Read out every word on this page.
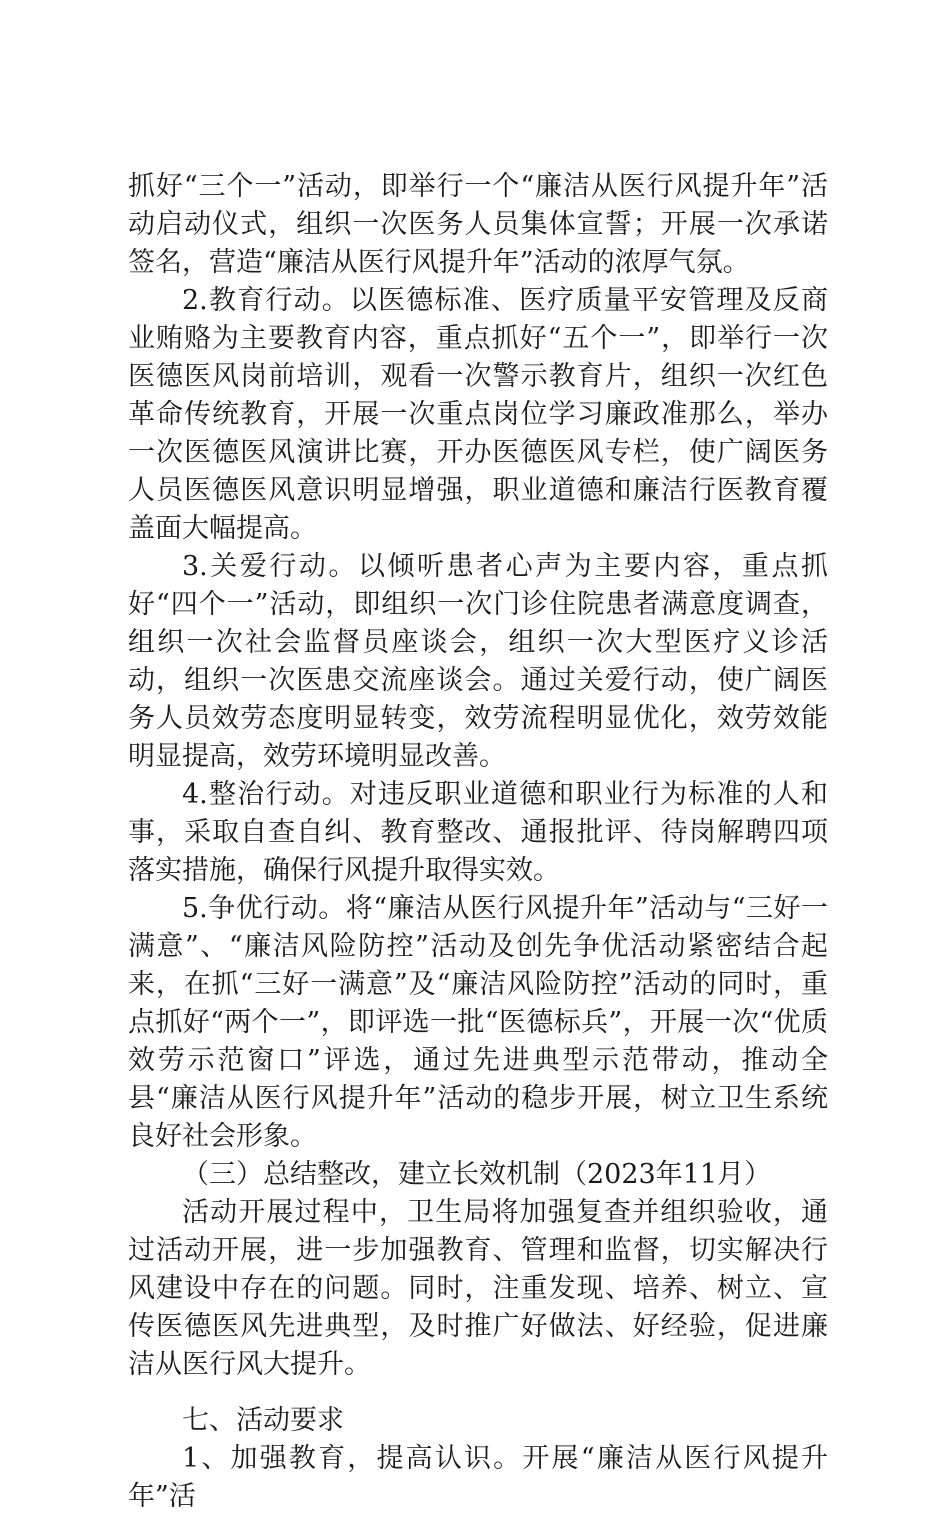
抓好“三个一”活动，即举行一个“廉洁从医行风提升年”活动启动仪式，组织一次医务人员集体宣誓；开展一次承诺签名，营造“廉洁从医行风提升年”活动的浓厚气氛。

2.教育行动。以医德标准、医疗质量平安管理及反商业贿赂为主要教育内容，重点抓好“五个一”，即举行一次医德医风岗前培训，观看一次警示教育片，组织一次红色革命传统教育，开展一次重点岗位学习廉政准那么，举办一次医德医风演讲比赛，开办医德医风专栏，使广阔医务人员医德医风意识明显增强，职业道德和廉洁行医教育覆盖面大幅提高。

3.关爱行动。以倾听患者心声为主要内容，重点抓好“四个一”活动，即组织一次门诊住院患者满意度调查，组织一次社会监督员座谈会，组织一次大型医疗义诊活动，组织一次医患交流座谈会。通过关爱行动，使广阔医务人员效劳态度明显转变，效劳流程明显优化，效劳效能明显提高，效劳环境明显改善。

4.整治行动。对违反职业道德和职业行为标准的人和事，采取自查自纠、教育整改、通报批评、待岗解聘四项落实措施，确保行风提升取得实效。

5.争优行动。将“廉洁从医行风提升年”活动与“三好一满意”、“廉洁风险防控”活动及创先争优活动紧密结合起来，在抓“三好一满意”及“廉洁风险防控”活动的同时，重点抓好“两个一”，即评选一批“医德标兵”，开展一次“优质效劳示范窗口”评选，通过先进典型示范带动，推动全县“廉洁从医行风提升年”活动的稳步开展，树立卫生系统良好社会形象。

（三）总结整改，建立长效机制（2023年11月）

活动开展过程中，卫生局将加强复查并组织验收，通过活动开展，进一步加强教育、管理和监督，切实解决行风建设中存在的问题。同时，注重发现、培养、树立、宣传医德医风先进典型，及时推广好做法、好经验，促进廉洁从医行风大提升。

七、活动要求

1、加强教育，提高认识。开展“廉洁从医行风提升年”活
